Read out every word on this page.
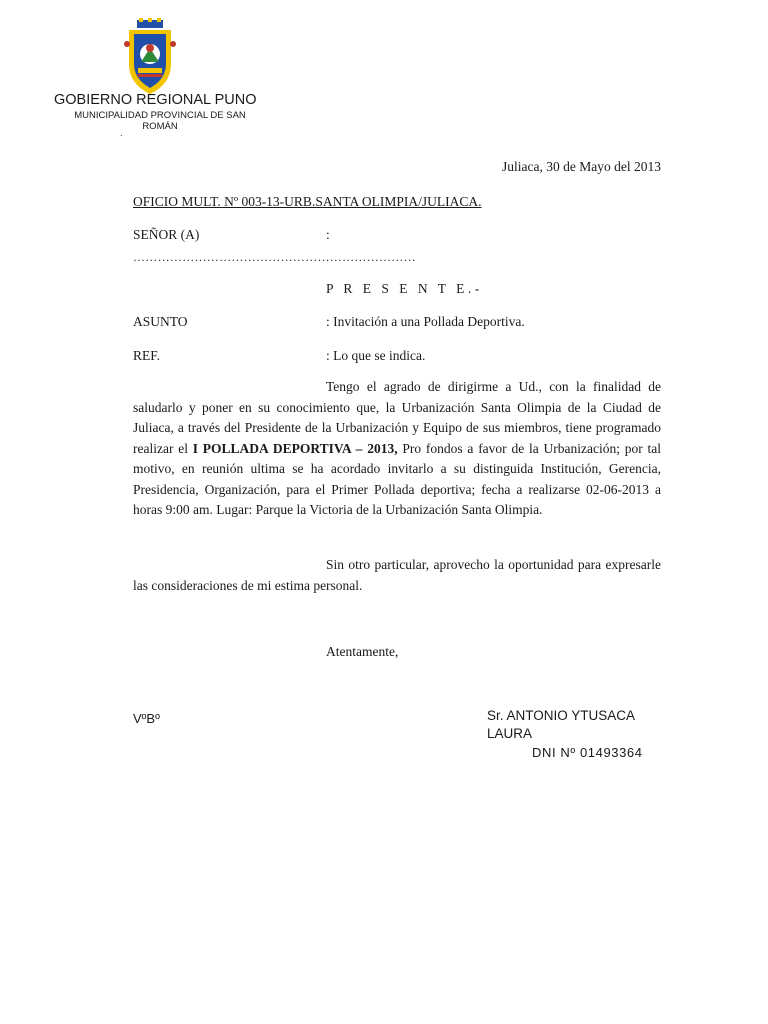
GOBIERNO REGIONAL PUNO
MUNICIPALIDAD PROVINCIAL DE SAN ROMÁN
.
Juliaca, 30 de Mayo del 2013
OFICIO MULT. Nº 003-13-URB.SANTA OLIMPIA/JULIACA.
SEÑOR (A)	:
……………………………………………………………
P R E S E N T E.-
ASUNTO	: Invitación a una Pollada Deportiva.
REF.	: Lo que se indica.
Tengo el agrado de dirigirme a Ud., con la finalidad de saludarlo y poner en su conocimiento que, la Urbanización Santa Olimpia de la Ciudad de Juliaca, a través del Presidente de la Urbanización y Equipo de sus miembros, tiene programado realizar el I POLLADA DEPORTIVA – 2013, Pro fondos a favor de la Urbanización; por tal motivo, en reunión ultima se ha acordado invitarlo a su distinguida Institución, Gerencia, Presidencia, Organización, para el Primer Pollada deportiva; fecha a realizarse 02-06-2013 a horas 9:00 am. Lugar: Parque la Victoria de la Urbanización Santa Olimpia.
Sin otro particular, aprovecho la oportunidad para expresarle las consideraciones de mi estima personal.
Atentamente,
VºBº	Sr. ANTONIO YTUSACA LAURA
DNI Nº 01493364
